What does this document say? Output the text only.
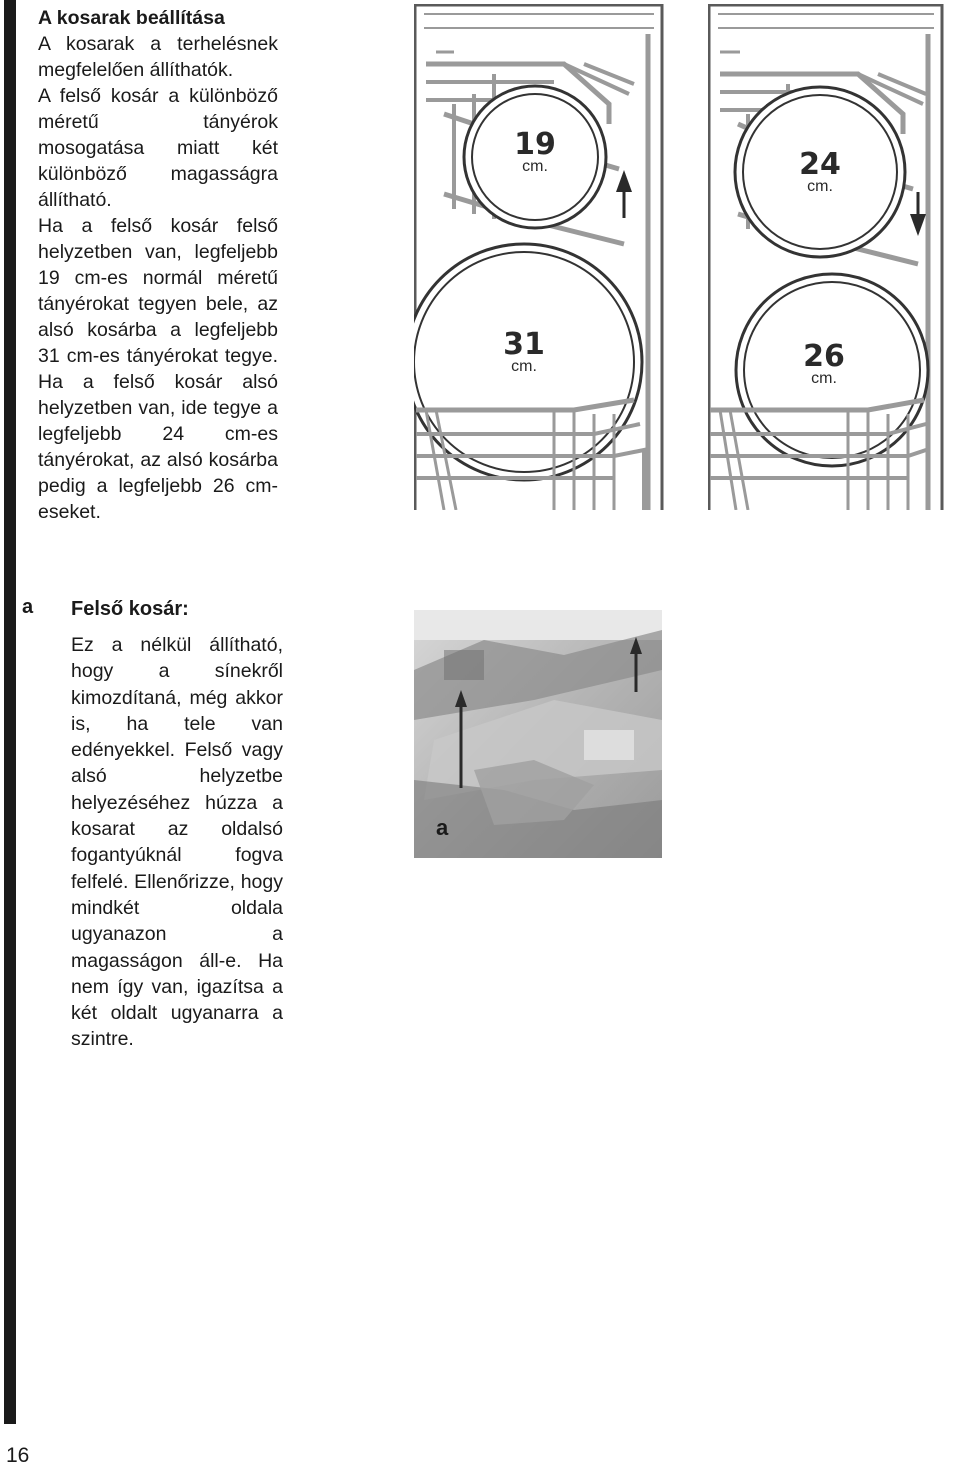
16
A kosarak beállítása
A kosarak a terhelésnek megfelelően állíthatók.
A felső kosár a különböző méretű tányérok mosogatása miatt két különböző magasságra állítható.
Ha a felső kosár felső helyzetben van, legfeljebb 19 cm-es normál méretű tányérokat tegyen bele, az alsó kosárba a legfeljebb 31 cm-es tányérokat tegye. Ha a felső kosár alsó helyzetben van, ide tegye a legfeljebb 24 cm-es tányérokat, az alsó kosárba pedig a legfeljebb 26 cm-eseket.
19
cm.
31
cm.
24
cm.
26
cm.
a Felső kosár:
Ez a nélkül állítható, hogy a sínekről kimozdítaná, még akkor is, ha tele van edényekkel. Felső vagy alsó helyzetbe helyezéséhez húzza a kosarat az oldalsó fogantyúknál fogva felfelé. Ellenőrizze, hogy mindkét oldala ugyanazon a magasságon áll-e. Ha nem így van, igazítsa a két oldalt ugyanarra a szintre.
a
